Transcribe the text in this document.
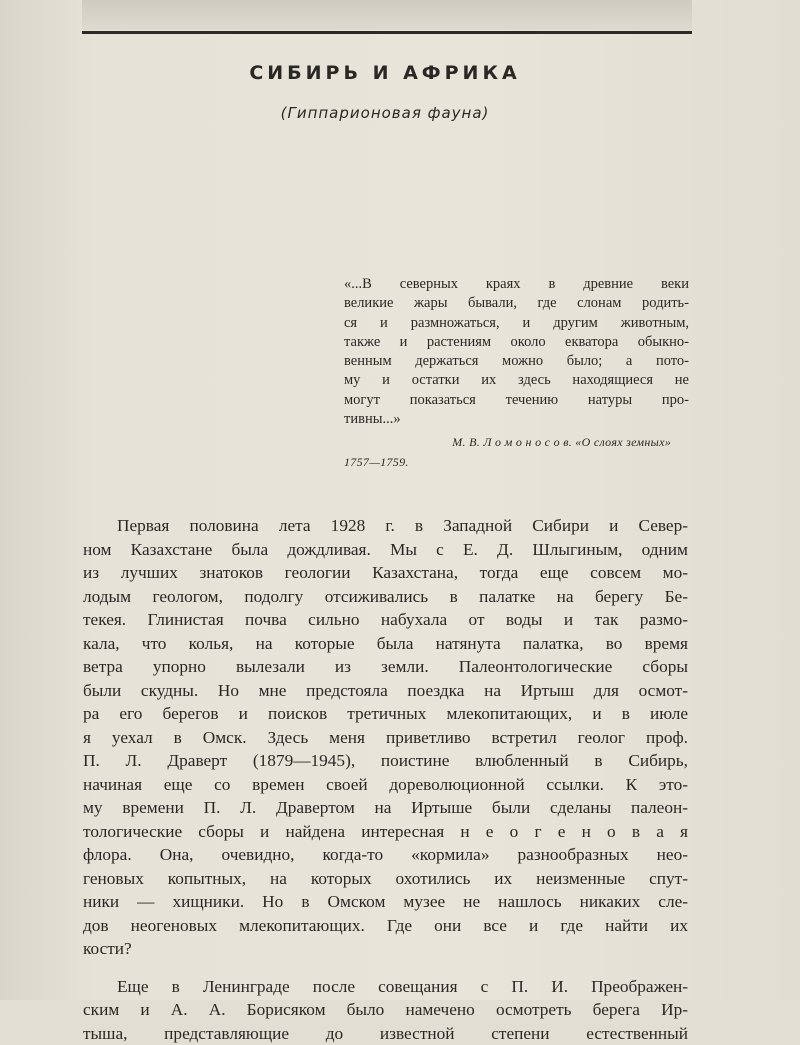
СИБИРЬ И АФРИКА
(Гиппарионовая фауна)
«...В северных краях в древние веки
великие жары бывали, где слонам родить-
ся и размножаться, и другим животным,
также и растениям около екватора обыкно-
венным держаться можно было; а пото-
му и остатки их здесь находящиеся не
могут показаться течению натуры про-
тивны...»
М. В. Л о м о н о с о в. «О слоях земных»
1757—1759.
Первая половина лета 1928 г. в Западной Сибири и Север-
ном Казахстане была дождливая. Мы с Е. Д. Шлыгиным, одним
из лучших знатоков геологии Казахстана, тогда еще совсем мо-
лодым геологом, подолгу отсиживались в палатке на берегу Бе-
текея. Глинистая почва сильно набухала от воды и так размо-
кала, что колья, на которые была натянута палатка, во время
ветра упорно вылезали из земли. Палеонтологические сборы
были скудны. Но мне предстояла поездка на Иртыш для осмот-
ра его берегов и поисков третичных млекопитающих, и в июле
я уехал в Омск. Здесь меня приветливо встретил геолог проф.
П. Л. Драверт (1879—1945), поистине влюбленный в Сибирь,
начиная еще со времен своей дореволюционной ссылки. К это-
му времени П. Л. Дравертом на Иртыше были сделаны палеон-
тологические сборы и найдена интересная н е о г е н о в а я
флора. Она, очевидно, когда-то «кормила» разнообразных нео-
геновых копытных, на которых охотились их неизменные спут-
ники — хищники. Но в Омском музее не нашлось никаких сле-
дов неогеновых млекопитающих. Где они все и где найти их
кости?
Еще в Ленинграде после совещания с П. И. Преображен-
ским и А. А. Борисяком было намечено осмотреть берега Ир-
тыша, представляющие до известной степени естественный
